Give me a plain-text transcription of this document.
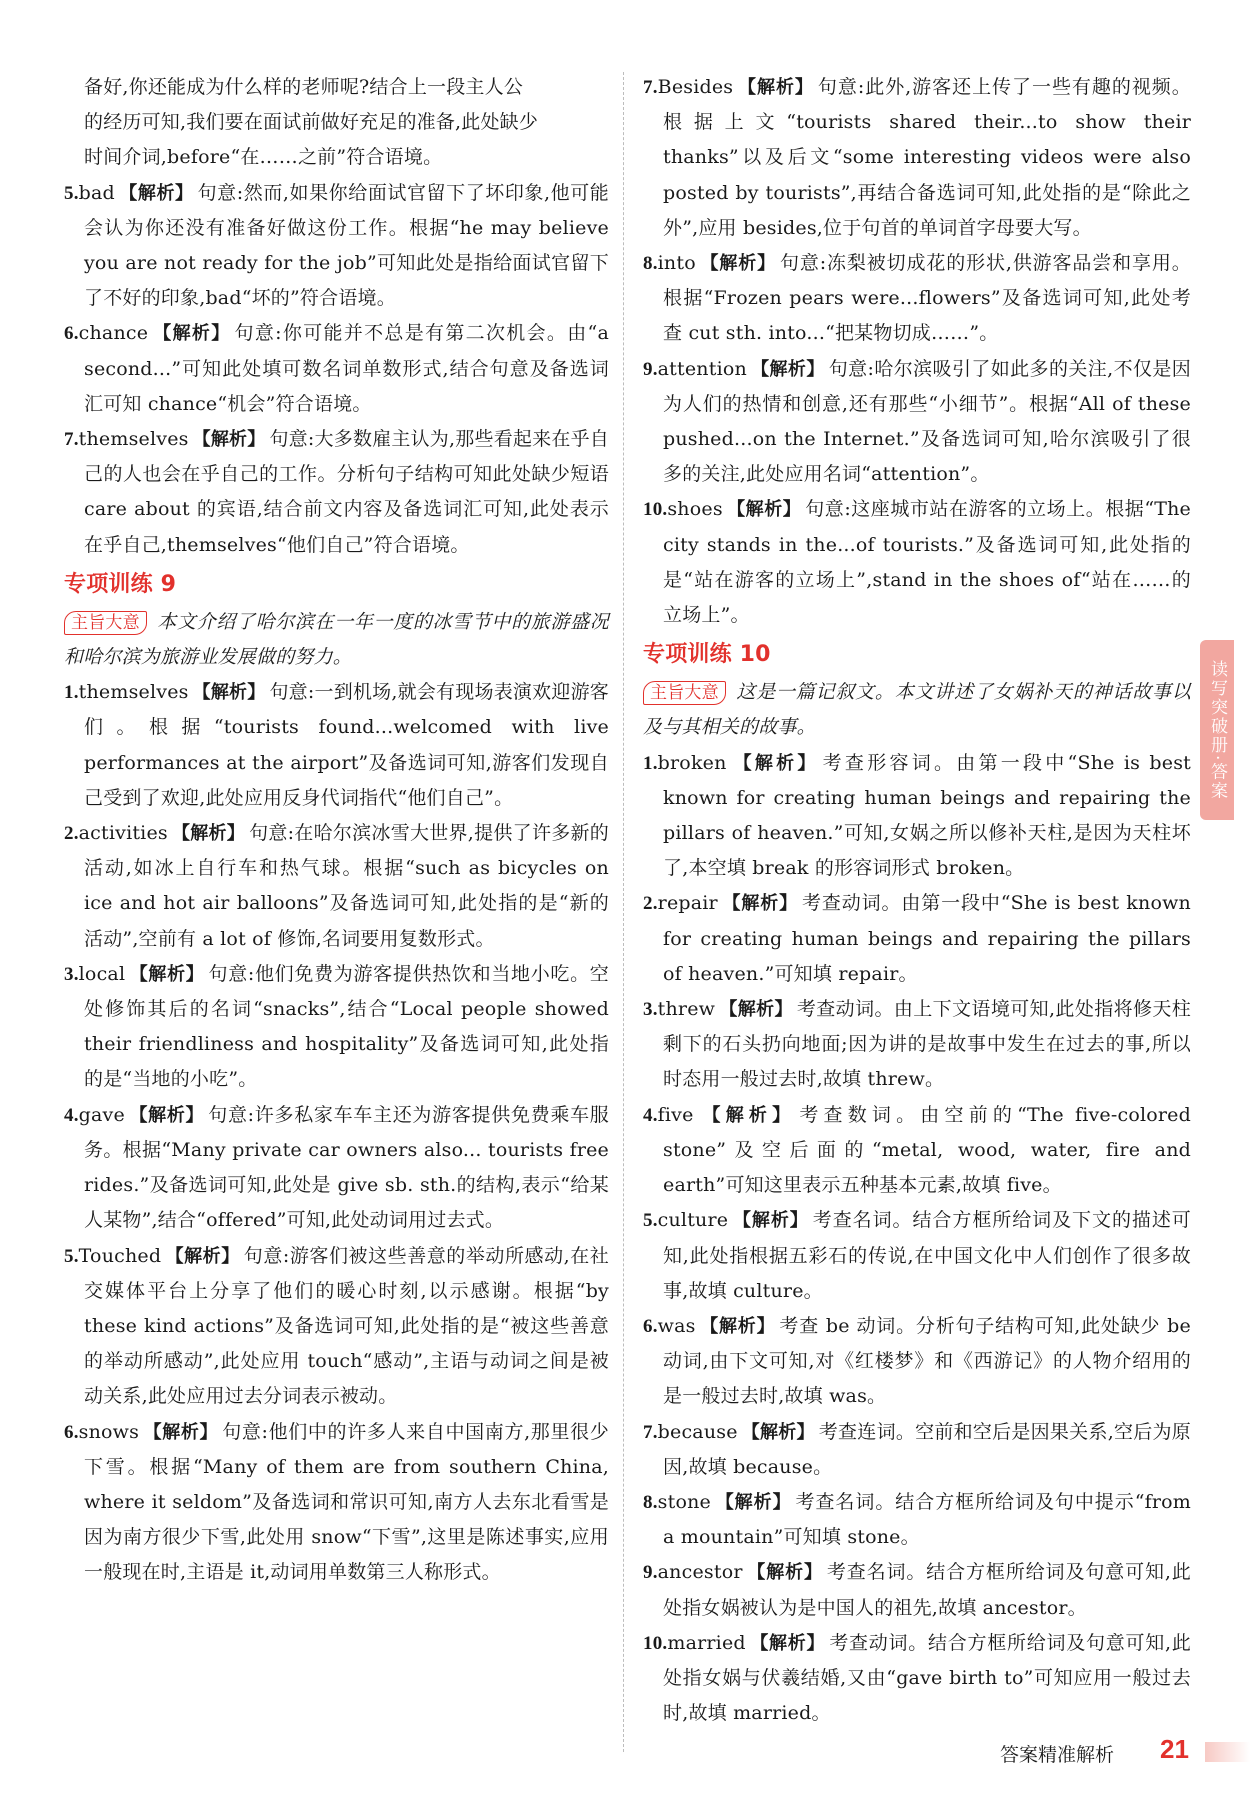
备好,你还能成为什么样的老师呢?结合上一段主人公

的经历可知,我们要在面试前做好充足的准备,此处缺少

时间介词,before“在……之前”符合语境。

5.bad 【解析】 句意:然而,如果你给面试官留下了坏印象,他可能会认为你还没有准备好做这份工作。根据“he may believe you are not ready for the job”可知此处是指给面试官留下了不好的印象,bad“坏的”符合语境。

6.chance 【解析】 句意:你可能并不总是有第二次机会。由“a second...”可知此处填可数名词单数形式,结合句意及备选词汇可知 chance“机会”符合语境。

7.themselves 【解析】 句意:大多数雇主认为,那些看起来在乎自己的人也会在乎自己的工作。分析句子结构可知此处缺少短语 care about 的宾语,结合前文内容及备选词汇可知,此处表示在乎自己,themselves“他们自己”符合语境。

专项训练 9

主旨大意 本文介绍了哈尔滨在一年一度的冰雪节中的旅游盛况和哈尔滨为旅游业发展做的努力。

1.themselves 【解析】 句意:一到机场,就会有现场表演欢迎游客们。根据“tourists found...welcomed with live performances at the airport”及备选词可知,游客们发现自己受到了欢迎,此处应用反身代词指代“他们自己”。

2.activities 【解析】 句意:在哈尔滨冰雪大世界,提供了许多新的活动,如冰上自行车和热气球。根据“such as bicycles on ice and hot air balloons”及备选词可知,此处指的是“新的活动”,空前有 a lot of 修饰,名词要用复数形式。

3.local 【解析】 句意:他们免费为游客提供热饮和当地小吃。空处修饰其后的名词“snacks”,结合“Local people showed their friendliness and hospitality”及备选词可知,此处指的是“当地的小吃”。

4.gave 【解析】 句意:许多私家车车主还为游客提供免费乘车服务。根据“Many private car owners also... tourists free rides.”及备选词可知,此处是 give sb. sth.的结构,表示“给某人某物”,结合“offered”可知,此处动词用过去式。

5.Touched 【解析】 句意:游客们被这些善意的举动所感动,在社交媒体平台上分享了他们的暖心时刻,以示感谢。根据“by these kind actions”及备选词可知,此处指的是“被这些善意的举动所感动”,此处应用 touch“感动”,主语与动词之间是被动关系,此处应用过去分词表示被动。

6.snows 【解析】 句意:他们中的许多人来自中国南方,那里很少下雪。根据“Many of them are from southern China, where it seldom”及备选词和常识可知,南方人去东北看雪是因为南方很少下雪,此处用 snow“下雪”,这里是陈述事实,应用一般现在时,主语是 it,动词用单数第三人称形式。

7.Besides 【解析】 句意:此外,游客还上传了一些有趣的视频。根据上文“tourists shared their...to show their thanks”以及后文“some interesting videos were also posted by tourists”,再结合备选词可知,此处指的是“除此之外”,应用 besides,位于句首的单词首字母要大写。

8.into 【解析】 句意:冻梨被切成花的形状,供游客品尝和享用。根据“Frozen pears were...flowers”及备选词可知,此处考查 cut sth. into...“把某物切成……”。

9.attention 【解析】 句意:哈尔滨吸引了如此多的关注,不仅是因为人们的热情和创意,还有那些“小细节”。根据“All of these pushed...on the Internet.”及备选词可知,哈尔滨吸引了很多的关注,此处应用名词“attention”。

10.shoes 【解析】 句意:这座城市站在游客的立场上。根据“The city stands in the...of tourists.”及备选词可知,此处指的是“站在游客的立场上”,stand in the shoes of“站在……的立场上”。

专项训练 10

主旨大意 这是一篇记叙文。本文讲述了女娲补天的神话故事以及与其相关的故事。

1.broken 【解析】 考查形容词。由第一段中“She is best known for creating human beings and repairing the pillars of heaven.”可知,女娲之所以修补天柱,是因为天柱坏了,本空填 break 的形容词形式 broken。

2.repair 【解析】 考查动词。由第一段中“She is best known for creating human beings and repairing the pillars of heaven.”可知填 repair。

3.threw 【解析】 考查动词。由上下文语境可知,此处指将修天柱剩下的石头扔向地面;因为讲的是故事中发生在过去的事,所以时态用一般过去时,故填 threw。

4.five 【解析】 考查数词。由空前的“The five-colored stone”及空后面的“metal, wood, water, fire and earth”可知这里表示五种基本元素,故填 five。

5.culture 【解析】 考查名词。结合方框所给词及下文的描述可知,此处指根据五彩石的传说,在中国文化中人们创作了很多故事,故填 culture。

6.was 【解析】 考查 be 动词。分析句子结构可知,此处缺少 be 动词,由下文可知,对《红楼梦》和《西游记》的人物介绍用的是一般过去时,故填 was。

7.because 【解析】 考查连词。空前和空后是因果关系,空后为原因,故填 because。

8.stone 【解析】 考查名词。结合方框所给词及句中提示“from a mountain”可知填 stone。

9.ancestor 【解析】 考查名词。结合方框所给词及句意可知,此处指女娲被认为是中国人的祖先,故填 ancestor。

10.married 【解析】 考查动词。结合方框所给词及句意可知,此处指女娲与伏羲结婚,又由“gave birth to”可知应用一般过去时,故填 married。

读写突破册·答案
答案精准解析 21
